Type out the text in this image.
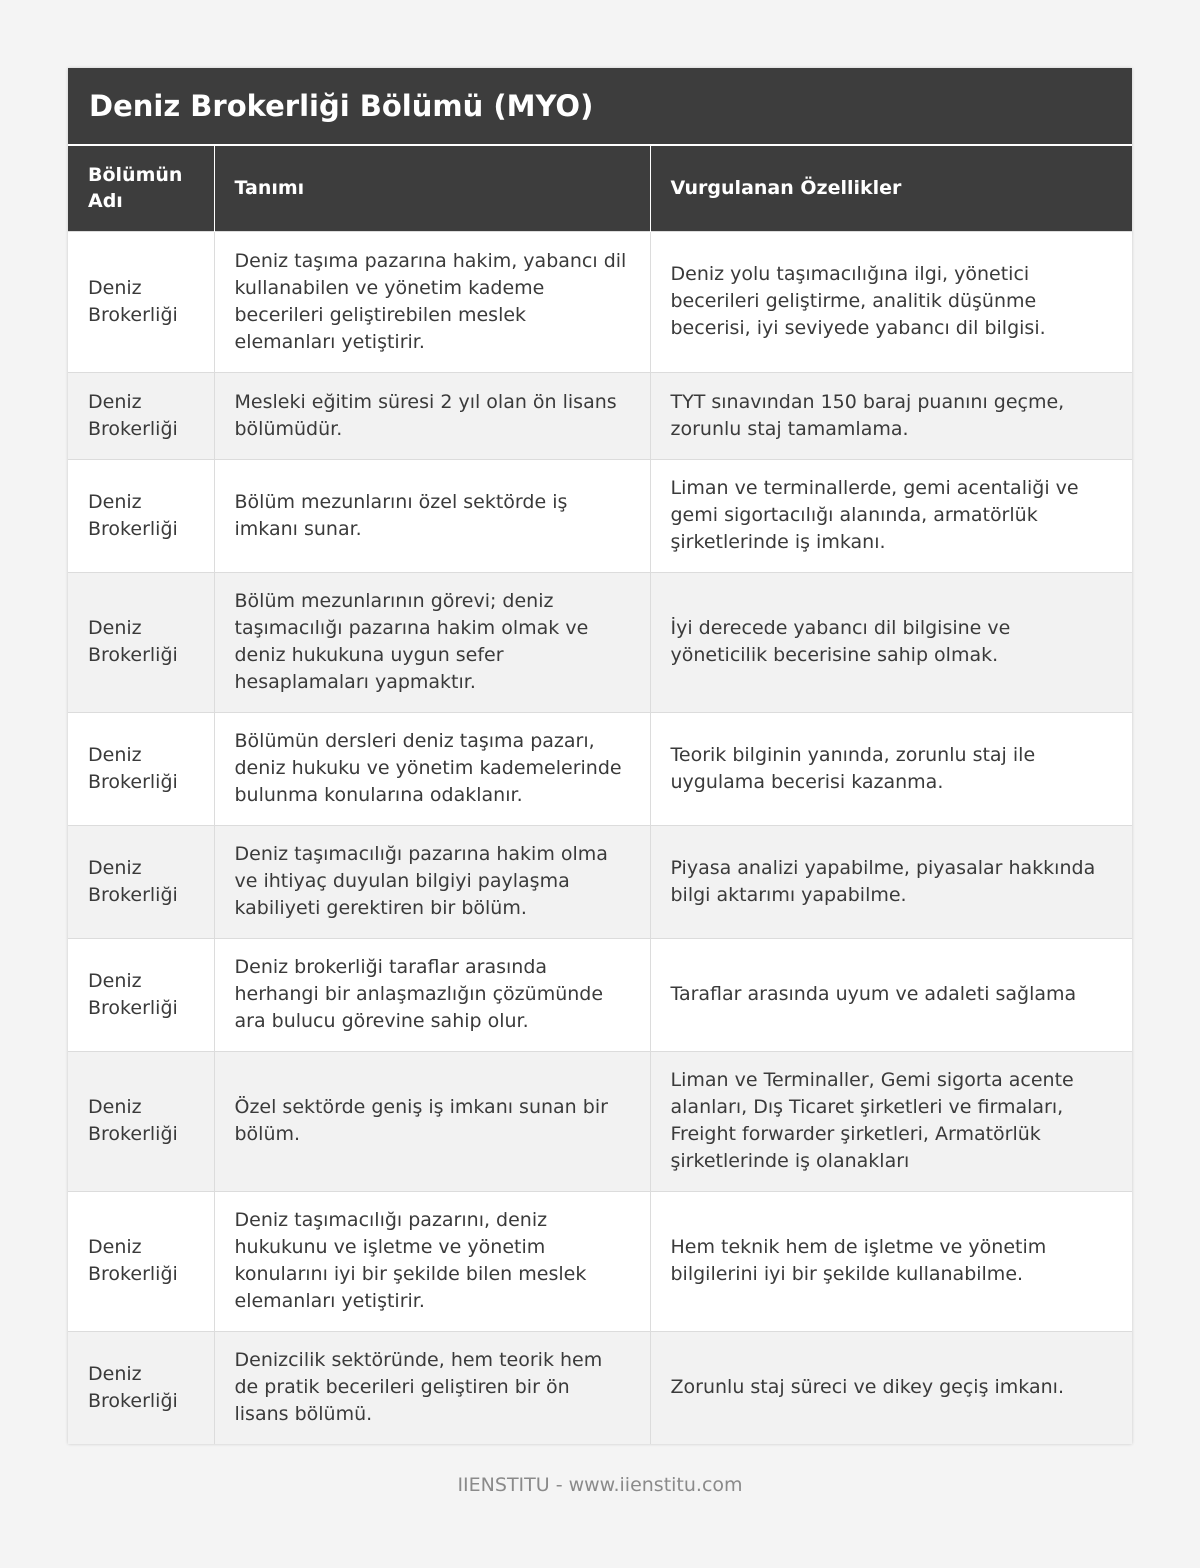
Deniz Brokerliği Bölümü (MYO)
Bölümün Adı	Tanımı	Vurgulanan Özellikler
Deniz Brokerliği	Deniz taşıma pazarına hakim, yabancı dil kullanabilen ve yönetim kademe becerileri geliştirebilen meslek elemanları yetiştirir.	Deniz yolu taşımacılığına ilgi, yönetici becerileri geliştirme, analitik düşünme becerisi, iyi seviyede yabancı dil bilgisi.
Deniz Brokerliği	Mesleki eğitim süresi 2 yıl olan ön lisans bölümüdür.	TYT sınavından 150 baraj puanını geçme, zorunlu staj tamamlama.
Deniz Brokerliği	Bölüm mezunlarını özel sektörde iş imkanı sunar.	Liman ve terminallerde, gemi acentaliği ve gemi sigortacılığı alanında, armatörlük şirketlerinde iş imkanı.
Deniz Brokerliği	Bölüm mezunlarının görevi; deniz taşımacılığı pazarına hakim olmak ve deniz hukukuna uygun sefer hesaplamaları yapmaktır.	İyi derecede yabancı dil bilgisine ve yöneticilik becerisine sahip olmak.
Deniz Brokerliği	Bölümün dersleri deniz taşıma pazarı, deniz hukuku ve yönetim kademelerinde bulunma konularına odaklanır.	Teorik bilginin yanında, zorunlu staj ile uygulama becerisi kazanma.
Deniz Brokerliği	Deniz taşımacılığı pazarına hakim olma ve ihtiyaç duyulan bilgiyi paylaşma kabiliyeti gerektiren bir bölüm.	Piyasa analizi yapabilme, piyasalar hakkında bilgi aktarımı yapabilme.
Deniz Brokerliği	Deniz brokerliği taraflar arasında herhangi bir anlaşmazlığın çözümünde ara bulucu görevine sahip olur.	Taraflar arasında uyum ve adaleti sağlama
Deniz Brokerliği	Özel sektörde geniş iş imkanı sunan bir bölüm.	Liman ve Terminaller, Gemi sigorta acente alanları, Dış Ticaret şirketleri ve firmaları, Freight forwarder şirketleri, Armatörlük şirketlerinde iş olanakları
Deniz Brokerliği	Deniz taşımacılığı pazarını, deniz hukukunu ve işletme ve yönetim konularını iyi bir şekilde bilen meslek elemanları yetiştirir.	Hem teknik hem de işletme ve yönetim bilgilerini iyi bir şekilde kullanabilme.
Deniz Brokerliği	Denizcilik sektöründe, hem teorik hem de pratik becerileri geliştiren bir ön lisans bölümü.	Zorunlu staj süreci ve dikey geçiş imkanı.
IIENSTITU - www.iienstitu.com
